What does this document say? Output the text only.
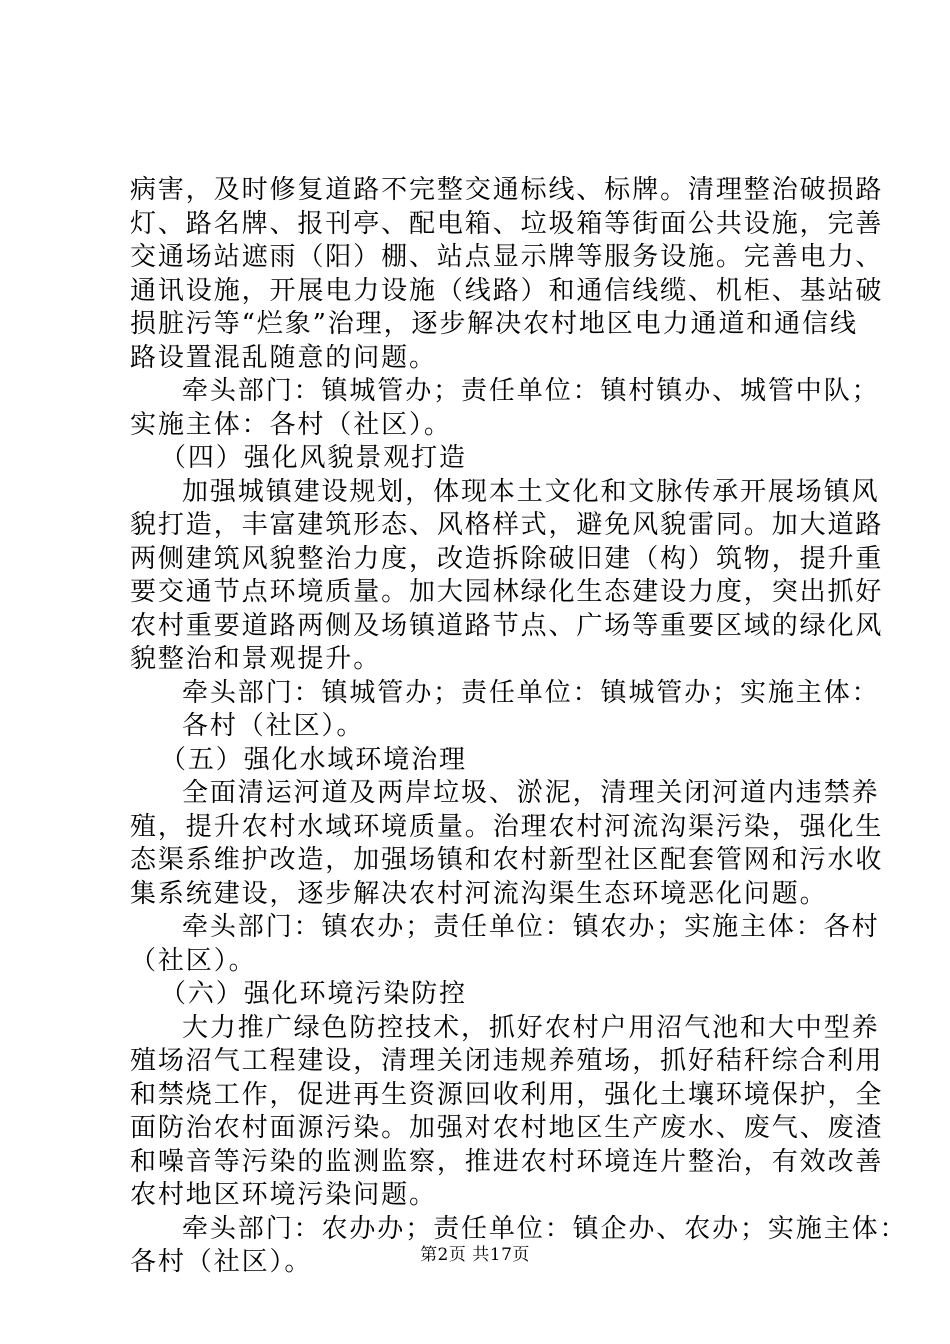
病害，及时修复道路不完整交通标线、标牌。清理整治破损路
灯、路名牌、报刊亭、配电箱、垃圾箱等街面公共设施，完善
交通场站遮雨（阳）棚、站点显示牌等服务设施。完善电力、
通讯设施，开展电力设施（线路）和通信线缆、机柜、基站破
损脏污等“烂象”治理，逐步解决农村地区电力通道和通信线
路设置混乱随意的问题。
牵头部门：镇城管办；责任单位：镇村镇办、城管中队；
实施主体：各村（社区）。
（四）强化风貌景观打造
加强城镇建设规划，体现本土文化和文脉传承开展场镇风
貌打造，丰富建筑形态、风格样式，避免风貌雷同。加大道路
两侧建筑风貌整治力度，改造拆除破旧建（构）筑物，提升重
要交通节点环境质量。加大园林绿化生态建设力度，突出抓好
农村重要道路两侧及场镇道路节点、广场等重要区域的绿化风
貌整治和景观提升。
牵头部门：镇城管办；责任单位：镇城管办；实施主体：
各村（社区）。
（五）强化水域环境治理
全面清运河道及两岸垃圾、淤泥，清理关闭河道内违禁养
殖，提升农村水域环境质量。治理农村河流沟渠污染，强化生
态渠系维护改造，加强场镇和农村新型社区配套管网和污水收
集系统建设，逐步解决农村河流沟渠生态环境恶化问题。
牵头部门：镇农办；责任单位：镇农办；实施主体：各村
（社区）。
（六）强化环境污染防控
大力推广绿色防控技术，抓好农村户用沼气池和大中型养
殖场沼气工程建设，清理关闭违规养殖场，抓好秸秆综合利用
和禁烧工作，促进再生资源回收利用，强化土壤环境保护，全
面防治农村面源污染。加强对农村地区生产废水、废气、废渣
和噪音等污染的监测监察，推进农村环境连片整治，有效改善
农村地区环境污染问题。
牵头部门：农办办；责任单位：镇企办、农办；实施主体：
各村（社区）。	第2页 共17页
